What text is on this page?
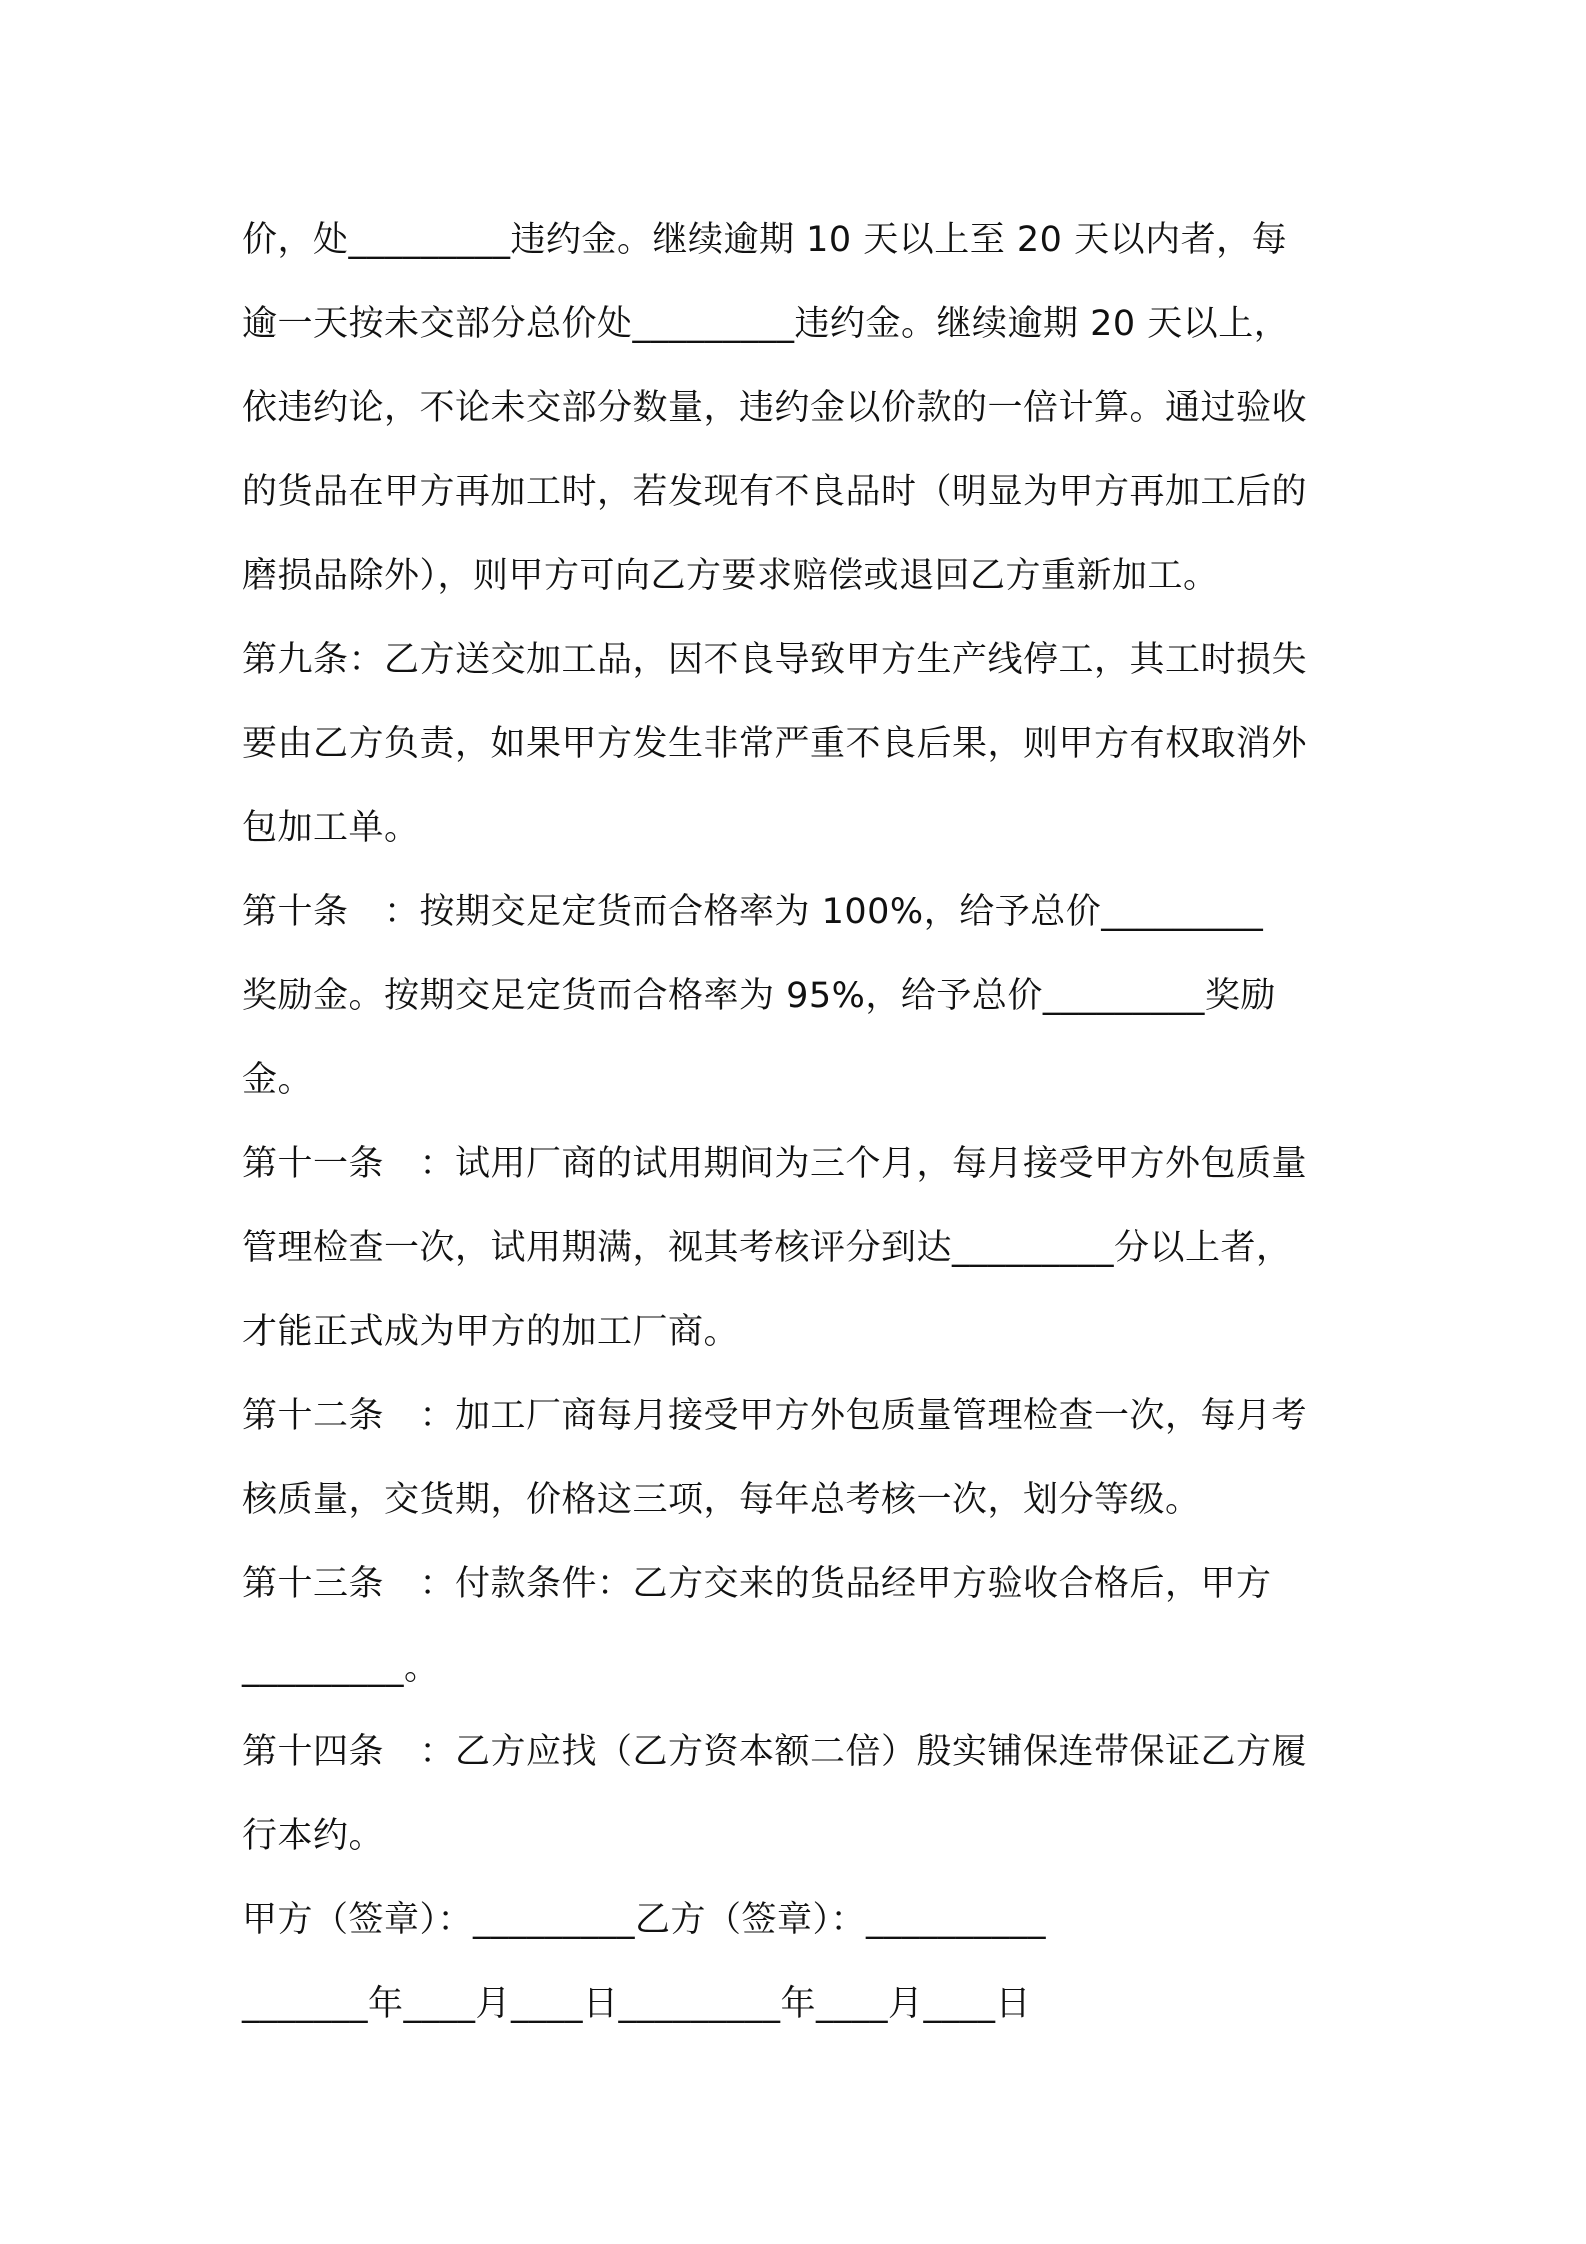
价，处_________违约金。继续逾期 10 天以上至 20 天以内者，每
逾一天按未交部分总价处_________违约金。继续逾期 20 天以上，
依违约论，不论未交部分数量，违约金以价款的一倍计算。通过验收
的货品在甲方再加工时，若发现有不良品时（明显为甲方再加工后的
磨损品除外），则甲方可向乙方要求赔偿或退回乙方重新加工。
第九条：乙方送交加工品，因不良导致甲方生产线停工，其工时损失
要由乙方负责，如果甲方发生非常严重不良后果，则甲方有权取消外
包加工单。
第十条　：按期交足定货而合格率为 100%，给予总价_________
奖励金。按期交足定货而合格率为 95%，给予总价_________奖励
金。
第十一条　：试用厂商的试用期间为三个月，每月接受甲方外包质量
管理检查一次，试用期满，视其考核评分到达_________分以上者，
才能正式成为甲方的加工厂商。
第十二条　：加工厂商每月接受甲方外包质量管理检查一次，每月考
核质量，交货期，价格这三项，每年总考核一次，划分等级。
第十三条　：付款条件：乙方交来的货品经甲方验收合格后，甲方
_________。
第十四条　：乙方应找（乙方资本额二倍）殷实铺保连带保证乙方履
行本约。
甲方（签章）：_________乙方（签章）：__________
_______年____月____日_________年____月____日
